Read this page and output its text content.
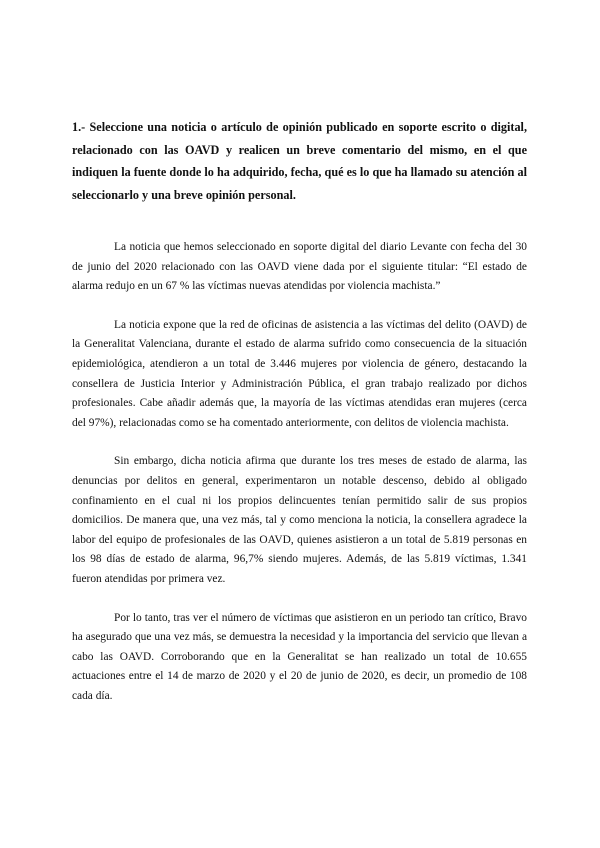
1.- Seleccione una noticia o artículo de opinión publicado en soporte escrito o digital, relacionado con las OAVD y realicen un breve comentario del mismo, en el que indiquen la fuente donde lo ha adquirido, fecha, qué es lo que ha llamado su atención al seleccionarlo y una breve opinión personal.

La noticia que hemos seleccionado en soporte digital del diario Levante con fecha del 30 de junio del 2020 relacionado con las OAVD viene dada por el siguiente titular: “El estado de alarma redujo en un 67 % las víctimas nuevas atendidas por violencia machista.”

La noticia expone que la red de oficinas de asistencia a las víctimas del delito (OAVD) de la Generalitat Valenciana, durante el estado de alarma sufrido como consecuencia de la situación epidemiológica, atendieron a un total de 3.446 mujeres por violencia de género, destacando la consellera de Justicia Interior y Administración Pública, el gran trabajo realizado por dichos profesionales. Cabe añadir además que, la mayoría de las víctimas atendidas eran mujeres (cerca del 97%), relacionadas como se ha comentado anteriormente, con delitos de violencia machista.

Sin embargo, dicha noticia afirma que durante los tres meses de estado de alarma, las denuncias por delitos en general, experimentaron un notable descenso, debido al obligado confinamiento en el cual ni los propios delincuentes tenían permitido salir de sus propios domicilios. De manera que, una vez más, tal y como menciona la noticia, la consellera agradece la labor del equipo de profesionales de las OAVD, quienes asistieron a un total de 5.819 personas en los 98 días de estado de alarma, 96,7% siendo mujeres. Además, de las 5.819 víctimas, 1.341 fueron atendidas por primera vez.

Por lo tanto, tras ver el número de víctimas que asistieron en un periodo tan crítico, Bravo ha asegurado que una vez más, se demuestra la necesidad y la importancia del servicio que llevan a cabo las OAVD. Corroborando que en la Generalitat se han realizado un total de 10.655 actuaciones entre el 14 de marzo de 2020 y el 20 de junio de 2020, es decir, un promedio de 108 cada día.
